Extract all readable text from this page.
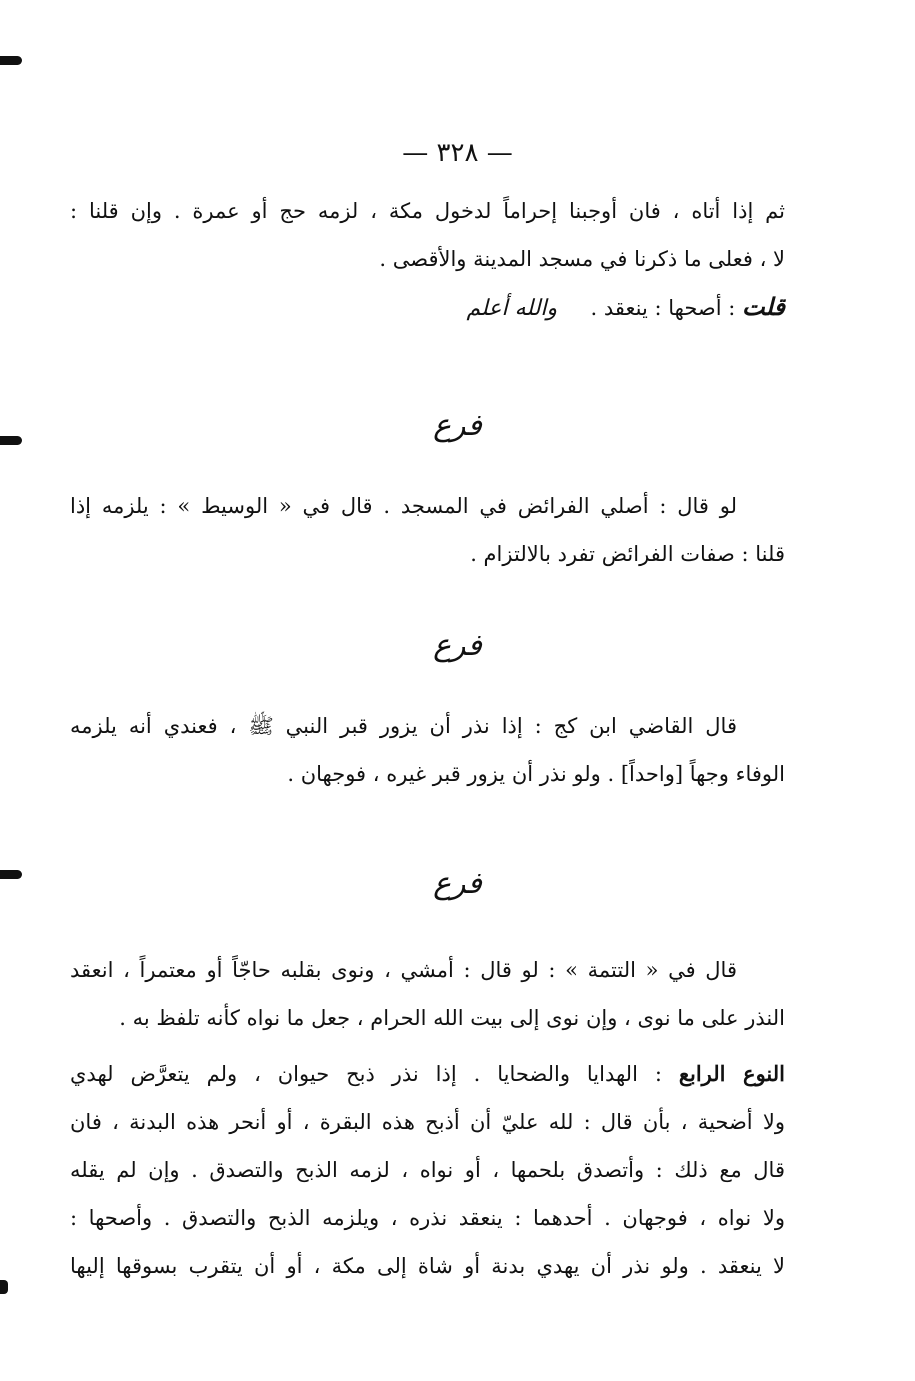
— ٣٢٨ —
ثم إذا أتاه ، فان أوجبنا إحراماً لدخول مكة ، لزمه حج أو عمرة . وإن قلنا :
لا ، فعلى ما ذكرنا في مسجد المدينة والأقصى .
قلت : أصحها : ينعقد .     والله أعلم
فرع
لو قال : أصلي الفرائض في المسجد . قال في « الوسيط » : يلزمه إذا
قلنا : صفات الفرائض تفرد بالالتزام .
فرع
قال القاضي ابن كج : إذا نذر أن يزور قبر النبي ﷺ ، فعندي أنه يلزمه
الوفاء وجهاً [واحداً] . ولو نذر أن يزور قبر غيره ، فوجهان .
فرع
قال في « التتمة » : لو قال : أمشي ، ونوى بقلبه حاجّاً أو معتمراً ، انعقد
النذر على ما نوى ، وإن نوى إلى بيت الله الحرام ، جعل ما نواه كأنه تلفظ به .
النوع الرابع : الهدايا والضحايا . إذا نذر ذبح حيوان ، ولم يتعرَّض لهدي
ولا أضحية ، بأن قال : لله عليّ أن أذبح هذه البقرة ، أو أنحر هذه البدنة ، فان
قال مع ذلك : وأتصدق بلحمها ، أو نواه ، لزمه الذبح والتصدق . وإن لم يقله
ولا نواه ، فوجهان . أحدهما : ينعقد نذره ، ويلزمه الذبح والتصدق . وأصحها :
لا ينعقد . ولو نذر أن يهدي بدنة أو شاة إلى مكة ، أو أن يتقرب بسوقها إليها
